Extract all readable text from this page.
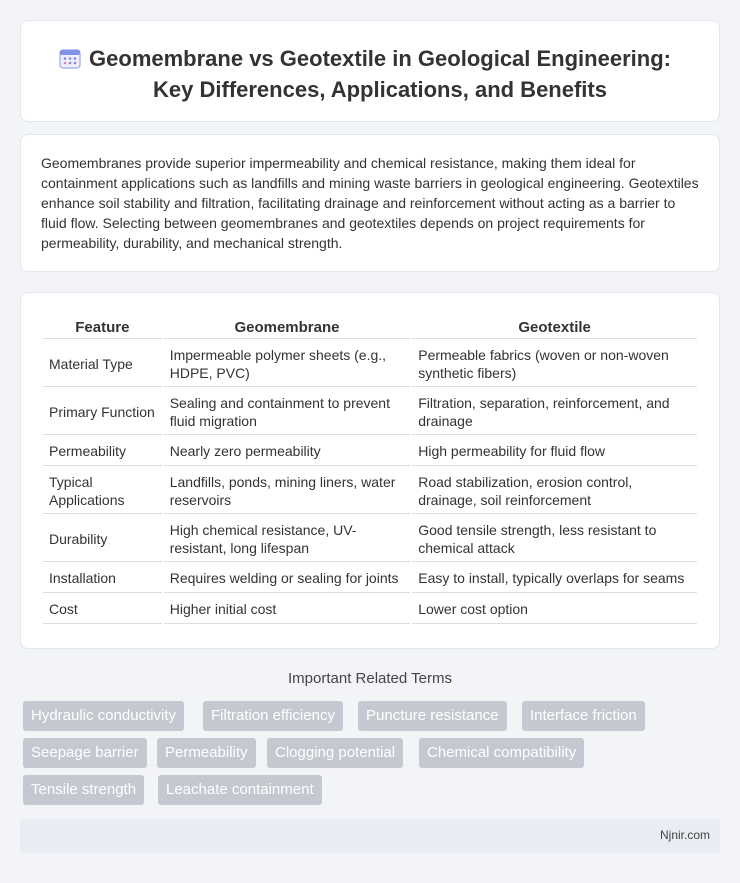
Geomembrane vs Geotextile in Geological Engineering: Key Differences, Applications, and Benefits

Geomembranes provide superior impermeability and chemical resistance, making them ideal for containment applications such as landfills and mining waste barriers in geological engineering. Geotextiles enhance soil stability and filtration, facilitating drainage and reinforcement without acting as a barrier to fluid flow. Selecting between geomembranes and geotextiles depends on project requirements for permeability, durability, and mechanical strength.

Feature	Geomembrane	Geotextile
Material Type	Impermeable polymer sheets (e.g., HDPE, PVC)	Permeable fabrics (woven or non-woven synthetic fibers)
Primary Function	Sealing and containment to prevent fluid migration	Filtration, separation, reinforcement, and drainage
Permeability	Nearly zero permeability	High permeability for fluid flow
Typical Applications	Landfills, ponds, mining liners, water reservoirs	Road stabilization, erosion control, drainage, soil reinforcement
Durability	High chemical resistance, UV-resistant, long lifespan	Good tensile strength, less resistant to chemical attack
Installation	Requires welding or sealing for joints	Easy to install, typically overlaps for seams
Cost	Higher initial cost	Lower cost option
Important Related Terms
Hydraulic conductivity	Filtration efficiency	Puncture resistance	Interface friction
Seepage barrier	Permeability	Clogging potential	Chemical compatibility
Tensile strength	Leachate containment
Njnir.com
